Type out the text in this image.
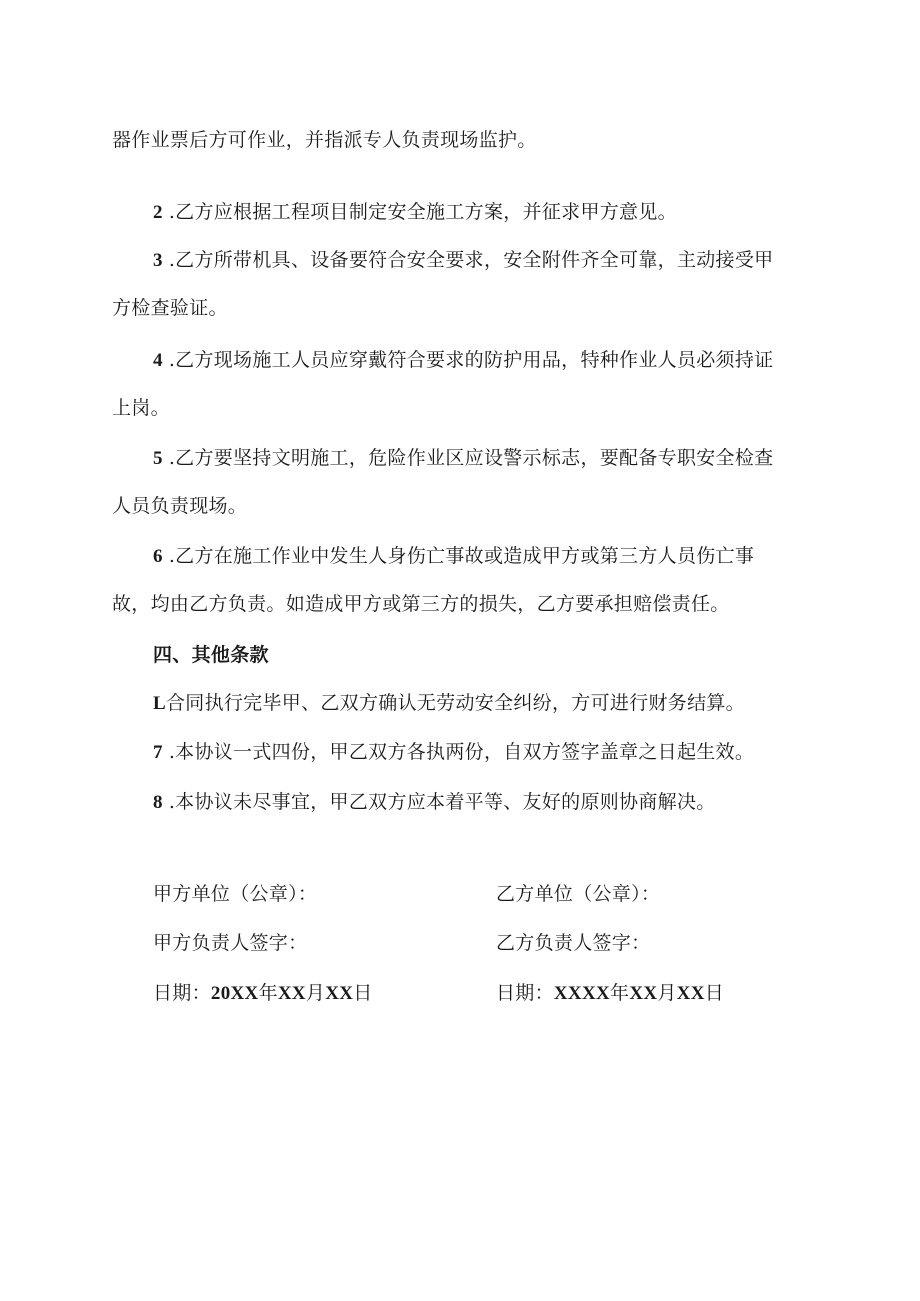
器作业票后方可作业，并指派专人负责现场监护。
2 .乙方应根据工程项目制定安全施工方案，并征求甲方意见。
3 .乙方所带机具、设备要符合安全要求，安全附件齐全可靠，主动接受甲
方检查验证。
4 .乙方现场施工人员应穿戴符合要求的防护用品，特种作业人员必须持证
上岗。
5 .乙方要坚持文明施工，危险作业区应设警示标志，要配备专职安全检查
人员负责现场。
6 .乙方在施工作业中发生人身伤亡事故或造成甲方或第三方人员伤亡事
故，均由乙方负责。如造成甲方或第三方的损失，乙方要承担赔偿责任。
四、其他条款
L合同执行完毕甲、乙双方确认无劳动安全纠纷，方可进行财务结算。
7 .本协议一式四份，甲乙双方各执两份，自双方签字盖章之日起生效。
8 .本协议未尽事宜，甲乙双方应本着平等、友好的原则协商解决。
甲方单位（公章）：
甲方负责人签字：
日期：20XX年XX月XX日
乙方单位（公章）：
乙方负责人签字：
日期：XXXX年XX月XX日
